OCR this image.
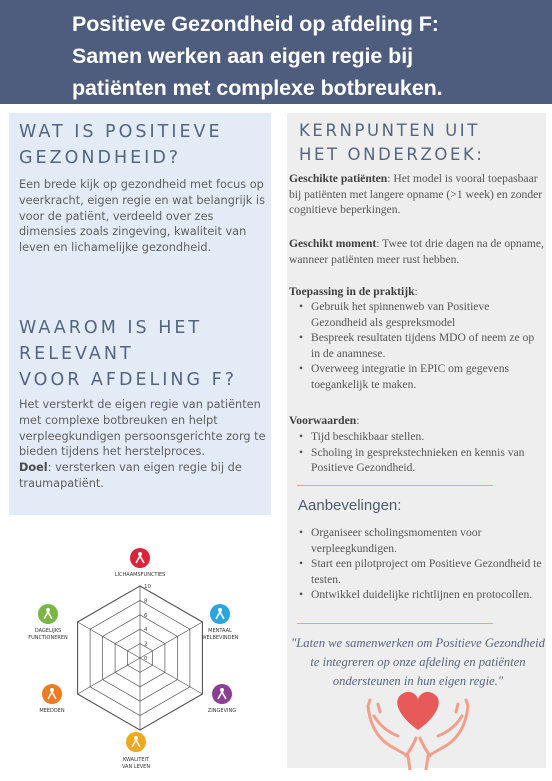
Positieve Gezondheid op afdeling F:
Samen werken aan eigen regie bij
patiënten met complexe botbreuken.
WAT IS POSITIEVE
GEZONDHEID?
Een brede kijk op gezondheid met focus op veerkracht, eigen regie en wat belangrijk is voor de patiënt, verdeeld over zes dimensies zoals zingeving, kwaliteit van leven en lichamelijke gezondheid.
WAAROM IS HET
RELEVANT
VOOR AFDELING F?
Het versterkt de eigen regie van patiënten met complexe botbreuken en helpt verpleegkundigen persoonsgerichte zorg te bieden tijdens het herstelproces.
Doel: versterken van eigen regie bij de traumapatiënt.
10
8
6
4
2
0
LICHAAMSFUNCTIES
MENTAAL
WELBEVINDEN
ZINGEVING
KWALITEIT
VAN LEVEN
MEEDOEN
DAGELIJKS
FUNCTIONEREN
KERNPUNTEN UIT
HET ONDERZOEK:
Geschikte patiënten: Het model is vooral toepasbaar bij patiënten met langere opname (>1 week) en zonder cognitieve beperkingen.
Geschikt moment: Twee tot drie dagen na de opname, wanneer patiënten meer rust hebben.
Toepassing in de praktijk:
• Gebruik het spinnenweb van Positieve Gezondheid als gespreksmodel
• Bespreek resultaten tijdens MDO of neem ze op in de anamnese.
• Overweeg integratie in EPIC om gegevens toegankelijk te maken.
Voorwaarden:
• Tijd beschikbaar stellen.
• Scholing in gesprekstechnieken en kennis van Positieve Gezondheid.
Aanbevelingen:
• Organiseer scholingsmomenten voor verpleegkundigen.
• Start een pilotproject om Positieve Gezondheid te testen.
• Ontwikkel duidelijke richtlijnen en protocollen.
"Laten we samenwerken om Positieve Gezondheid te integreren op onze afdeling en patiënten ondersteunen in hun eigen regie."
